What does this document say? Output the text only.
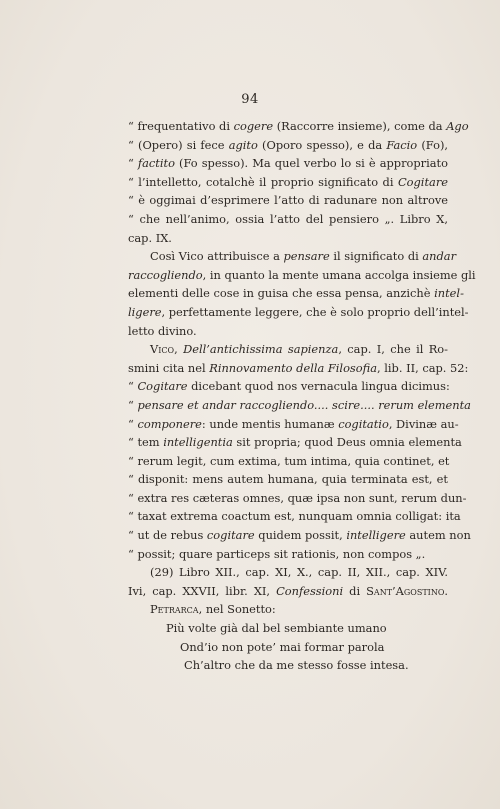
94
“ frequentativo di cogere (Raccorre insieme), come da Ago
“ (Opero) si fece agito (Oporo spesso), e da Facio (Fo),
“ factito (Fo spesso). Ma quel verbo lo si è appropriato
“ l’intelletto, cotalchè il proprio significato di Cogitare
“ è oggimai d’esprimere l’atto di radunare non altrove
“ che nell’animo, ossia l’atto del pensiero „. Libro X,
cap. IX.
Così Vico attribuisce a pensare il significato di andar
raccogliendo, in quanto la mente umana accolga insieme gli
elementi delle cose in guisa che essa pensa, anzichè intel-
ligere, perfettamente leggere, che è solo proprio dell’intel-
letto divino.
Vico, Dell’antichissima sapienza, cap. I, che il Ro-
smini cita nel Rinnovamento della Filosofia, lib. II, cap. 52:
“ Cogitare dicebant quod nos vernacula lingua dicimus:
“ pensare et andar raccogliendo.... scire.... rerum elementa
“ componere: unde mentis humanæ cogitatio, Divinæ au-
“ tem intelligentia sit propria; quod Deus omnia elementa
“ rerum legit, cum extima, tum intima, quia continet, et
“ disponit: mens autem humana, quia terminata est, et
“ extra res cæteras omnes, quæ ipsa non sunt, rerum dun-
“ taxat extrema coactum est, nunquam omnia colligat: ita
“ ut de rebus cogitare quidem possit, intelligere autem non
“ possit; quare particeps sit rationis, non compos „.
(29) Libro XII., cap. XI, X., cap. II, XII., cap. XIV.
Ivi, cap. XXVII, libr. XI, Confessioni di Sant’Agostino.
Petrarca, nel Sonetto:
Più volte già dal bel sembiante umano
Ond’io non pote’ mai formar parola
Ch’altro che da me stesso fosse intesa.
